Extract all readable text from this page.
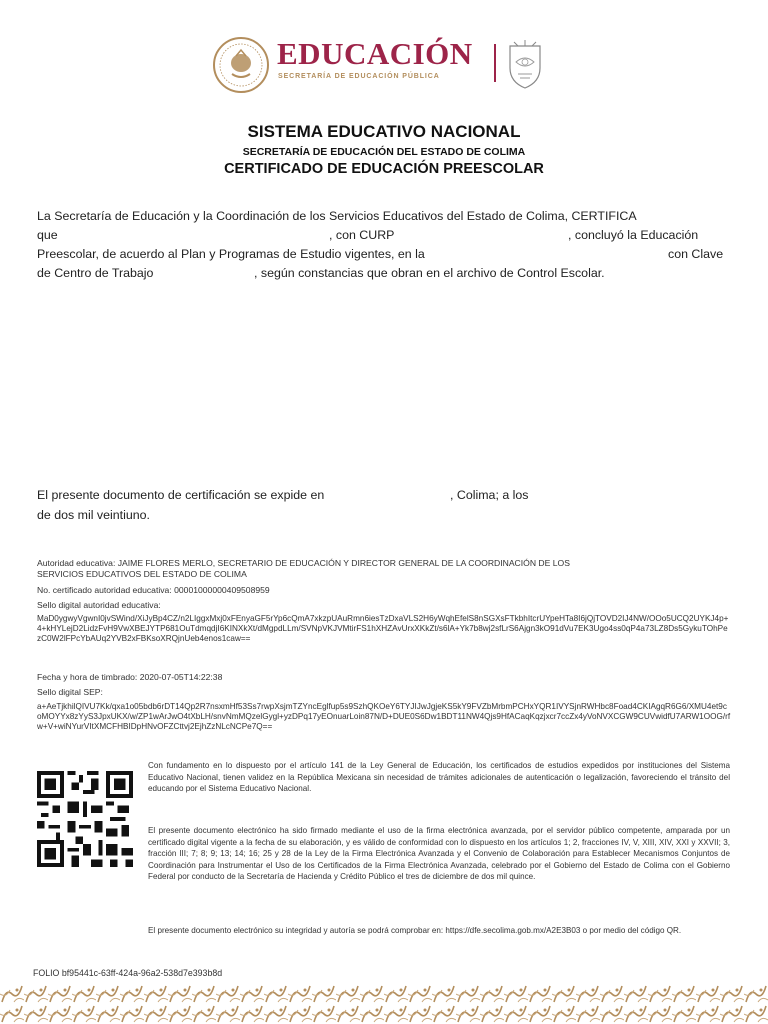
EDUCACIÓN
SECRETARÍA DE EDUCACIÓN PÚBLICA
SISTEMA EDUCATIVO NACIONAL
SECRETARÍA DE EDUCACIÓN DEL ESTADO DE COLIMA
CERTIFICADO DE EDUCACIÓN PREESCOLAR
La Secretaría de Educación y la Coordinación de los Servicios Educativos del Estado de Colima, CERTIFICA
que	, con CURP	, concluyó la Educación
Preescolar, de acuerdo al Plan y Programas de Estudio vigentes, en la	con Clave
de Centro de Trabajo	, según constancias que obran en el archivo de Control Escolar.
El presente documento de certificación se expide en	, Colima; a los
de dos mil veintiuno.
Autoridad educativa: JAIME FLORES MERLO, SECRETARIO DE EDUCACIÓN Y DIRECTOR GENERAL DE LA COORDINACIÓN DE LOS
SERVICIOS EDUCATIVOS DEL ESTADO DE COLIMA
No. certificado autoridad educativa: 00001000000409508959
Sello digital autoridad educativa:
MaD0ygwyVgwnI0jvSWind/XiJyBp4CZ/n2LIggxMxj0xFEnyaGF5rYp6cQmA7xkzpUAuRmn6iesTzDxaVLS2H6yWqhEfelS8nSGXsFTkbhItcrUYpeHTa8I6jQjTOVD2IJ4NW/OOo5UCQ2UYKJ4p+4+kHYLejD2LidzFvH9VwXBEJYTP681OuTdmqdjI6KINXkXt/dMgpdLLm/SVNpVKJVMtirFS1hXHZAvUrxXKkZt/s6lA+Yk7b8wj2sfLrS6Ajgn3kO91dVu7EK3Ugo4ss0qP4a73LZ8Ds5GykuTOhPezC0W2lFPcYbAUq2YVB2xFBKsoXRQjnUeb4enos1caw==
Fecha y hora de timbrado: 2020-07-05T14:22:38
Sello digital SEP:
a+AeTjkhilQIVU7Kk/qxa1o05bdb6rDT14Qp2R7nsxmHf53Ss7rwpXsjmTZYncEglfup5s9SzhQKOeY6TYJIJwJgjeKS5kY9FVZbMrbmPCHxYQR1IVYSjnRWHbc8Foad4CKIAgqR6G6/XMU4et9coMOYYx8zYyS3JpxUKX/w/ZP1wArJwO4tXbLH/snvNmMQzelGygl+yzDPq17yEOnuarLoin87N/D+DUE0S6Dw1BDT11NW4Qjs9HfACaqKqzjxcr7ccZx4yVoNVXCGW9CUVwidfU7ARW1OOG/rfw+V+wiNYurVItXMCFHBIDpHNvOFZCttvj2EjhZzNLcNCPe7Q==
Con fundamento en lo dispuesto por el artículo 141 de la Ley General de Educación, los certificados de estudios expedidos por instituciones del Sistema Educativo Nacional, tienen validez en la República Mexicana sin necesidad de trámites adicionales de autenticación o legalización, favoreciendo el tránsito del educando por el Sistema Educativo Nacional.
El presente documento electrónico ha sido firmado mediante el uso de la firma electrónica avanzada, por el servidor público competente, amparada por un certificado digital vigente a la fecha de su elaboración, y es válido de conformidad con lo dispuesto en los artículos 1; 2, fracciones IV, V, XIII, XIV, XXI y XXVII; 3, fracción III; 7; 8; 9; 13; 14; 16; 25 y 28 de la Ley de la Firma Electrónica Avanzada y el Convenio de Colaboración para Establecer Mecanismos Conjuntos de Coordinación para Instrumentar el Uso de los Certificados de la Firma Electrónica Avanzada, celebrado por el Gobierno del Estado de Colima con el Gobierno Federal por conducto de la Secretaría de Hacienda y Crédito Público el tres de diciembre de dos mil quince.
El presente documento electrónico su integridad y autoría se podrá comprobar en: https://dfe.secolima.gob.mx/A2E3B03 o por medio del código QR.
FOLIO bf95441c-63ff-424a-96a2-538d7e393b8d
